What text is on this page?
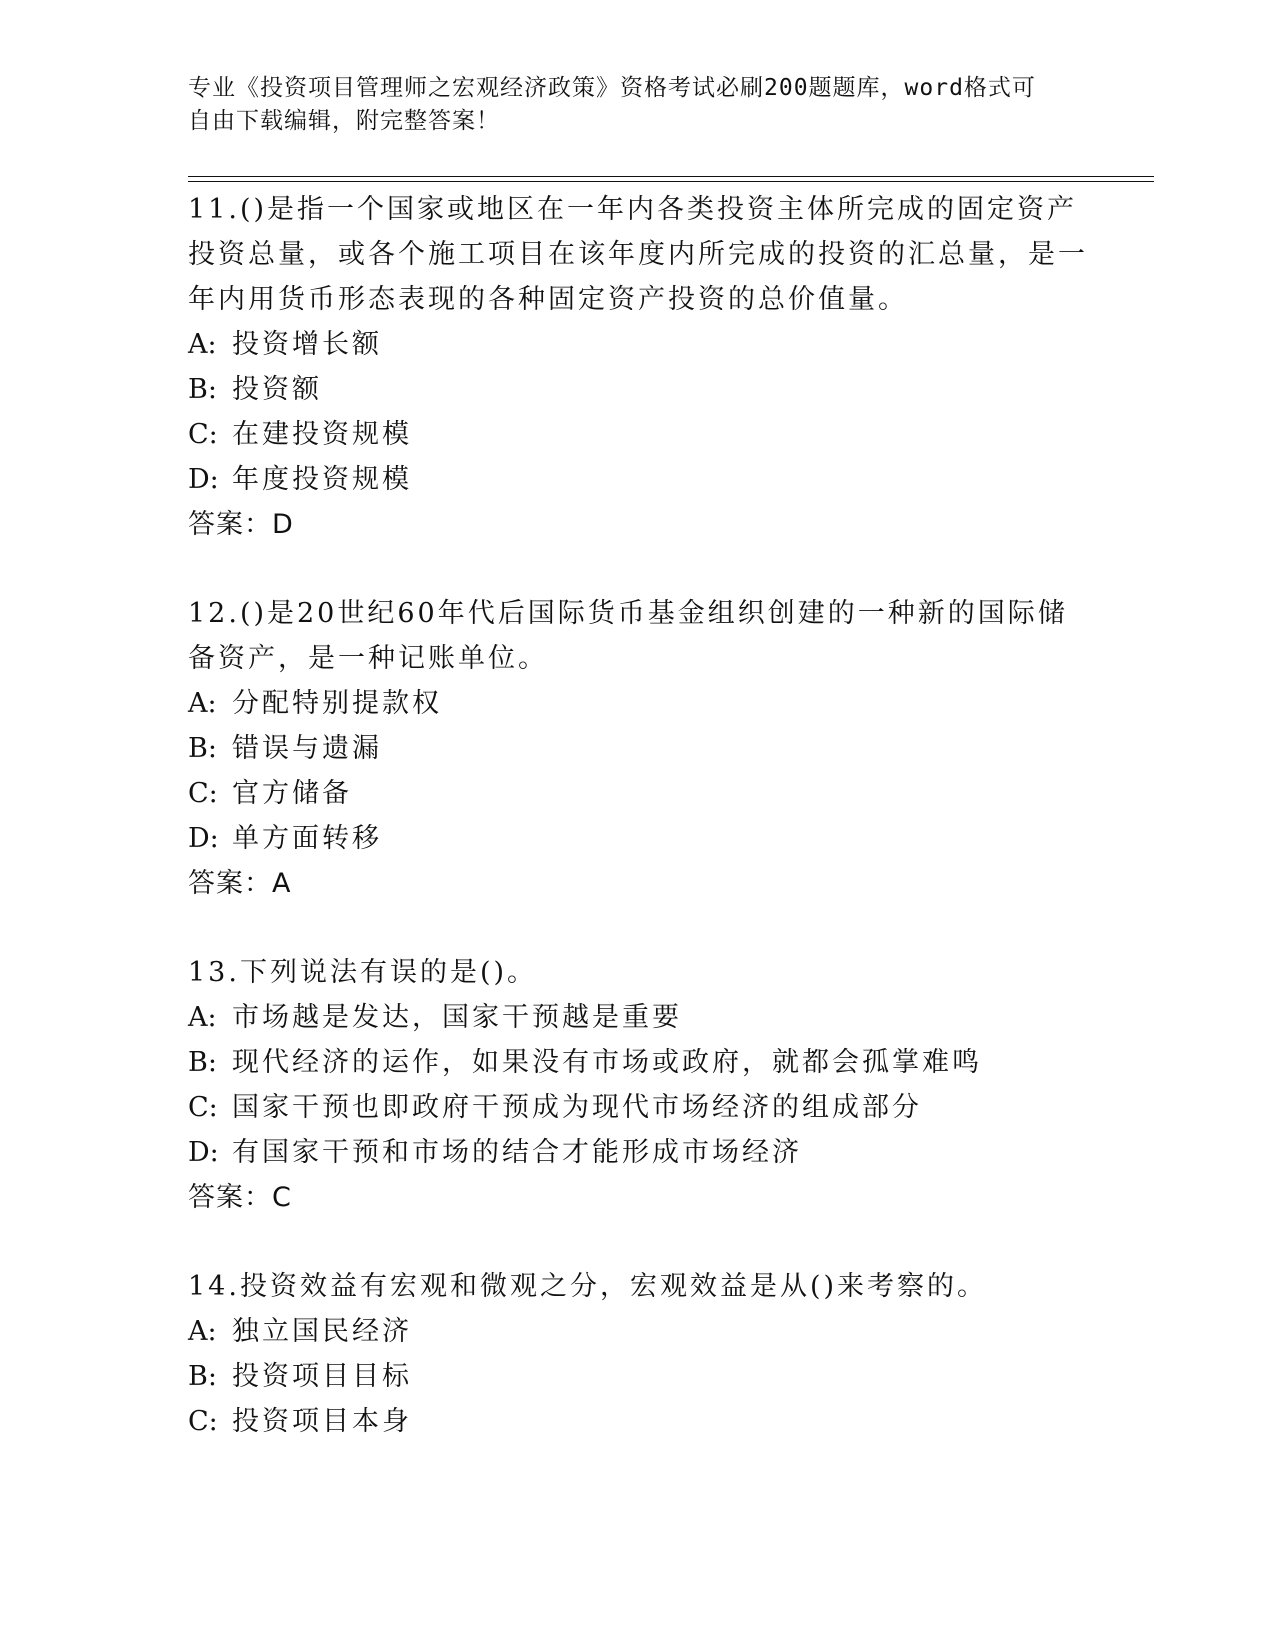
专业《投资项目管理师之宏观经济政策》资格考试必刷200题题库，word格式可
自由下载编辑，附完整答案！

11.()是指一个国家或地区在一年内各类投资主体所完成的固定资产投资总量，或各个施工项目在该年度内所完成的投资的汇总量，是一年内用货币形态表现的各种固定资产投资的总价值量。

A: 投资增长额

B: 投资额

C: 在建投资规模

D: 年度投资规模

答案：D

12.()是20世纪60年代后国际货币基金组织创建的一种新的国际储备资产，是一种记账单位。

A: 分配特别提款权

B: 错误与遗漏

C: 官方储备

D: 单方面转移

答案：A

13.下列说法有误的是()。

A: 市场越是发达，国家干预越是重要

B: 现代经济的运作，如果没有市场或政府，就都会孤掌难鸣

C: 国家干预也即政府干预成为现代市场经济的组成部分

D: 有国家干预和市场的结合才能形成市场经济

答案：C

14.投资效益有宏观和微观之分，宏观效益是从()来考察的。

A: 独立国民经济

B: 投资项目目标

C: 投资项目本身
